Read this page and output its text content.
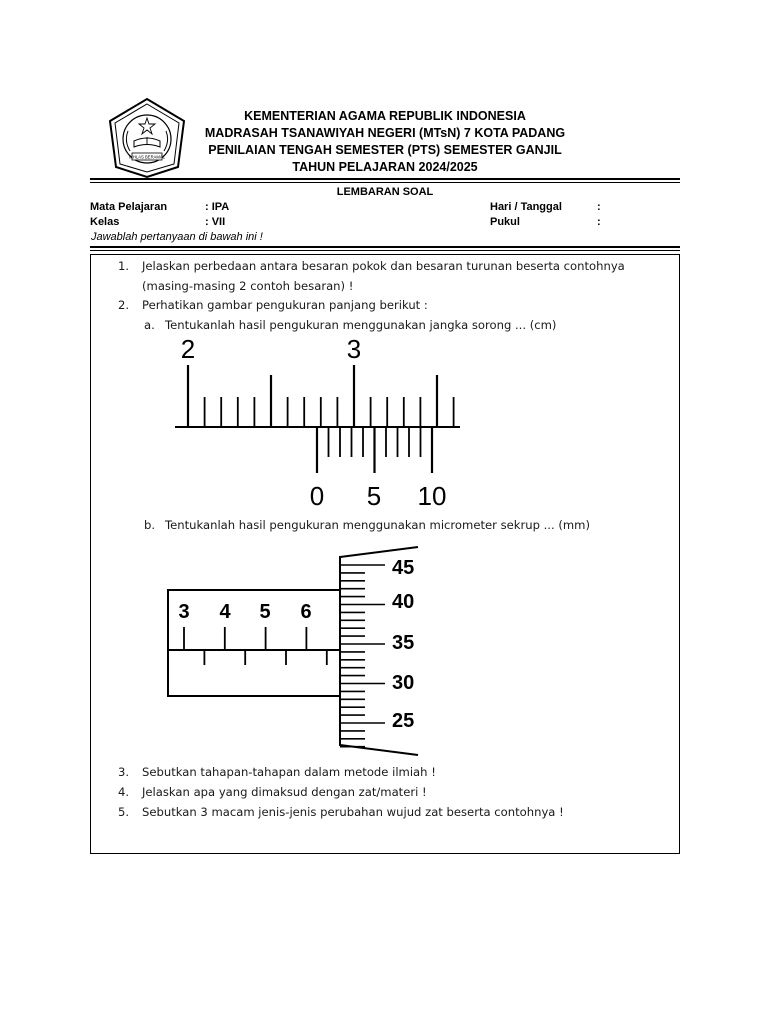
IKHLAS BERAMAL
KEMENTERIAN AGAMA REPUBLIK INDONESIA
MADRASAH TSANAWIYAH NEGERI (MTsN) 7 KOTA PADANG
PENILAIAN TENGAH SEMESTER (PTS) SEMESTER GANJIL
TAHUN PELAJARAN 2024/2025
LEMBARAN SOAL
Mata Pelajaran	: IPA	Hari / Tanggal	:
Kelas	: VII	Pukul	:
Jawablah pertanyaan di bawah ini !
1. Jelaskan perbedaan antara besaran pokok dan besaran turunan beserta contohnya (masing-masing 2 contoh besaran) !
2. Perhatikan gambar pengukuran panjang berikut :
a. Tentukanlah hasil pengukuran menggunakan jangka sorong ... (cm)
2	3
0 5 10
b. Tentukanlah hasil pengukuran menggunakan micrometer sekrup ... (mm)
3 4 5 6
45
40
35
30
25
3. Sebutkan tahapan-tahapan dalam metode ilmiah !
4. Jelaskan apa yang dimaksud dengan zat/materi !
5. Sebutkan 3 macam jenis-jenis perubahan wujud zat beserta contohnya !
